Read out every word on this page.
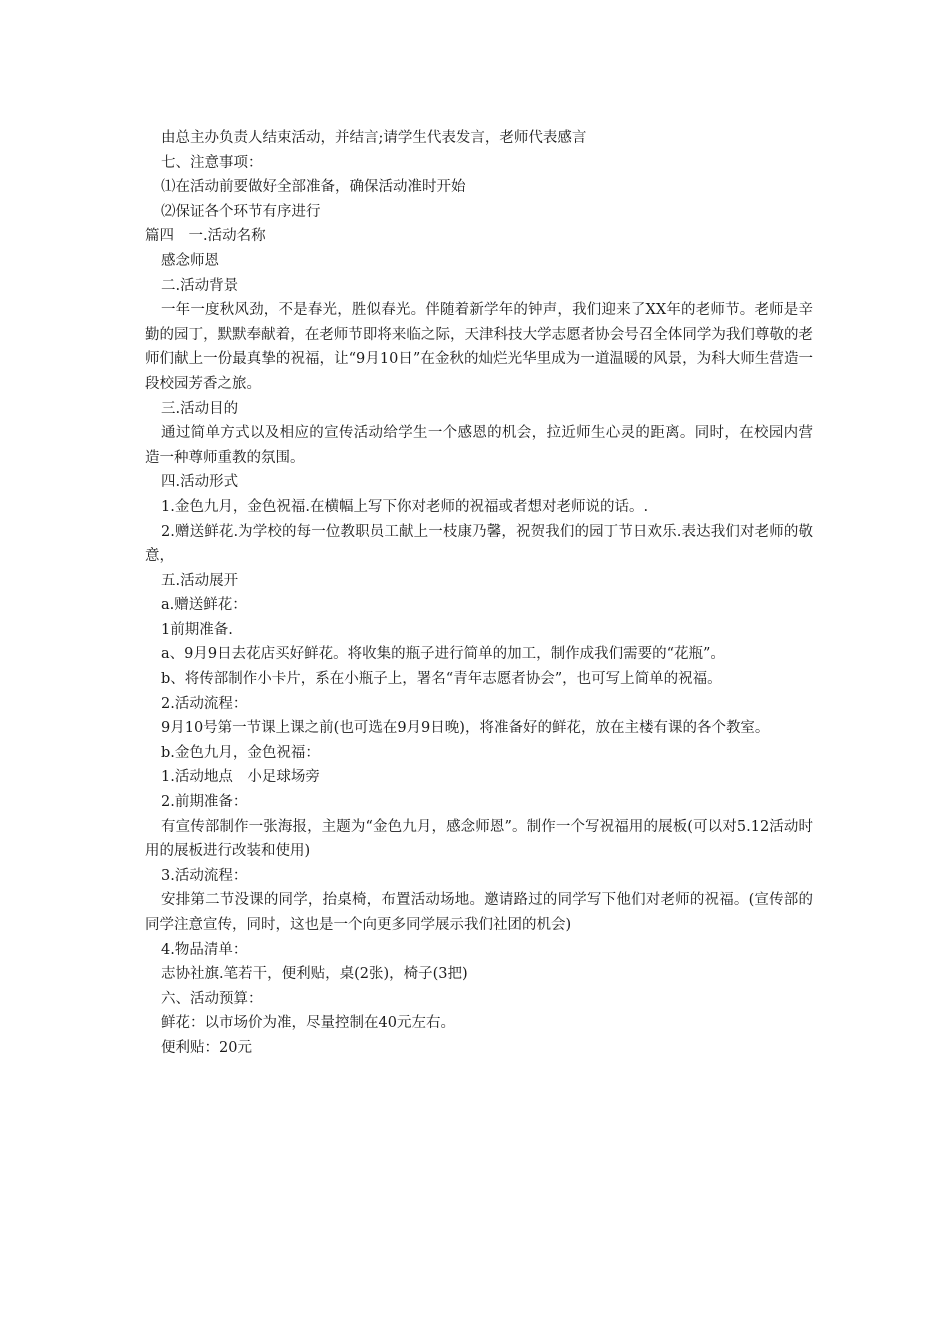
由总主办负责人结束活动，并结言;请学生代表发言，老师代表感言

七、注意事项：

⑴在活动前要做好全部准备，确保活动准时开始

⑵保证各个环节有序进行

篇四　一.活动名称

感念师恩

二.活动背景

一年一度秋风劲，不是春光，胜似春光。伴随着新学年的钟声，我们迎来了XX年的老师节。老师是辛勤的园丁，默默奉献着，在老师节即将来临之际，天津科技大学志愿者协会号召全体同学为我们尊敬的老师们献上一份最真挚的祝福，让“9月10日”在金秋的灿烂光华里成为一道温暖的风景，为科大师生营造一段校园芳香之旅。

三.活动目的

通过简单方式以及相应的宣传活动给学生一个感恩的机会，拉近师生心灵的距离。同时，在校园内营造一种尊师重教的氛围。

四.活动形式

1.金色九月，金色祝福.在横幅上写下你对老师的祝福或者想对老师说的话。.

2.赠送鲜花.为学校的每一位教职员工献上一枝康乃馨，祝贺我们的园丁节日欢乐.表达我们对老师的敬意，

五.活动展开

a.赠送鲜花：

1前期准备.

a、9月9日去花店买好鲜花。将收集的瓶子进行简单的加工，制作成我们需要的“花瓶”。

b、将传部制作小卡片，系在小瓶子上，署名“青年志愿者协会”，也可写上简单的祝福。

2.活动流程：

9月10号第一节课上课之前(也可选在9月9日晚)，将准备好的鲜花，放在主楼有课的各个教室。

b.金色九月，金色祝福：

1.活动地点　小足球场旁

2.前期准备：

有宣传部制作一张海报，主题为“金色九月，感念师恩”。制作一个写祝福用的展板(可以对5.12活动时用的展板进行改装和使用)

3.活动流程：

安排第二节没课的同学，抬桌椅，布置活动场地。邀请路过的同学写下他们对老师的祝福。(宣传部的同学注意宣传，同时，这也是一个向更多同学展示我们社团的机会)

4.物品清单：

志协社旗.笔若干，便利贴，桌(2张)，椅子(3把)

六、活动预算：

鲜花：以市场价为准，尽量控制在40元左右。

便利贴：20元
